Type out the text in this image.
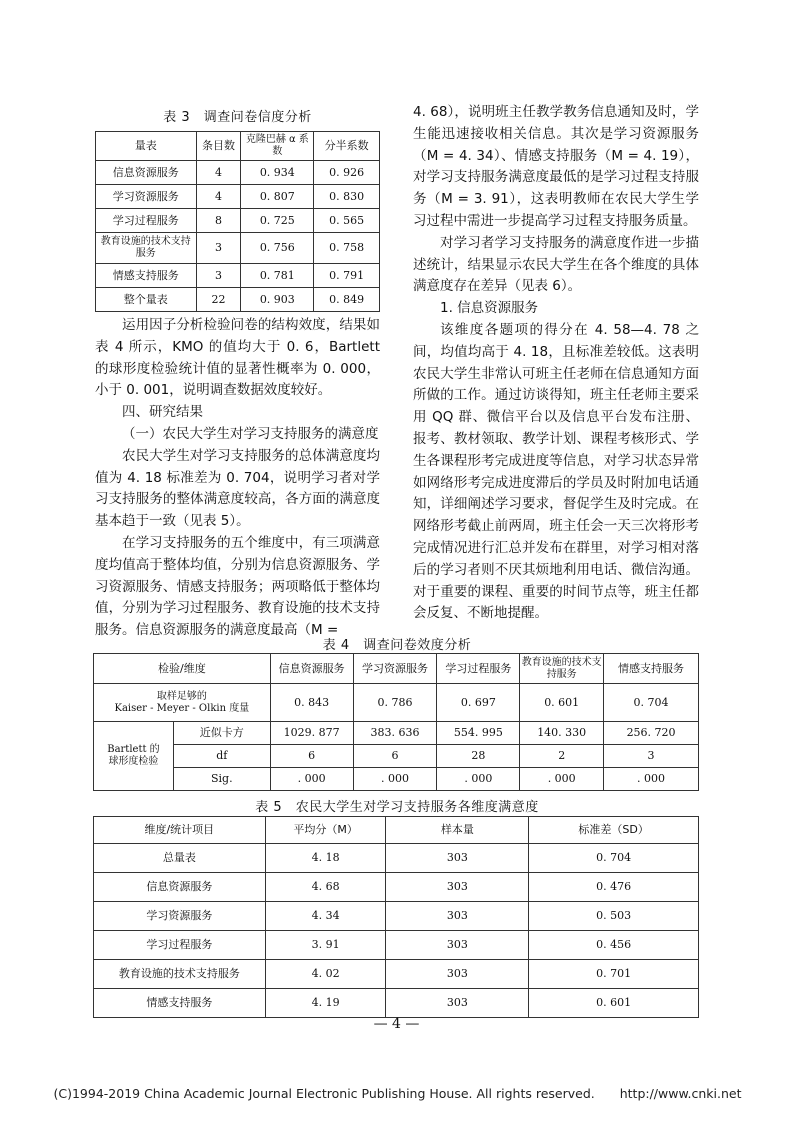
表 3　调查问卷信度分析
量表	条目数	克隆巴赫 α 系数	分半系数
信息资源服务	4	0. 934	0. 926
学习资源服务	4	0. 807	0. 830
学习过程服务	8	0. 725	0. 565
教育设施的技术支持服务	3	0. 756	0. 758
情感支持服务	3	0. 781	0. 791
整个量表	22	0. 903	0. 849

运用因子分析检验问卷的结构效度，结果如表 4 所示，KMO 的值均大于 0. 6，Bartlett 的球形度检验统计值的显著性概率为 0. 000，小于 0. 001，说明调查数据效度较好。

四、研究结果

（一）农民大学生对学习支持服务的满意度

农民大学生对学习支持服务的总体满意度均值为 4. 18 标准差为 0. 704，说明学习者对学习支持服务的整体满意度较高，各方面的满意度基本趋于一致（见表 5）。

在学习支持服务的五个维度中，有三项满意度均值高于整体均值，分别为信息资源服务、学习资源服务、情感支持服务；两项略低于整体均值，分别为学习过程服务、教育设施的技术支持服务。信息资源服务的满意度最高（M =

4. 68），说明班主任教学教务信息通知及时，学生能迅速接收相关信息。其次是学习资源服务（M = 4. 34）、情感支持服务（M = 4. 19），对学习支持服务满意度最低的是学习过程支持服务（M = 3. 91），这表明教师在农民大学生学习过程中需进一步提高学习过程支持服务质量。

对学习者学习支持服务的满意度作进一步描述统计，结果显示农民大学生在各个维度的具体满意度存在差异（见表 6）。

1. 信息资源服务

该维度各题项的得分在 4. 58—4. 78 之间，均值均高于 4. 18，且标准差较低。这表明农民大学生非常认可班主任老师在信息通知方面所做的工作。通过访谈得知，班主任老师主要采用 QQ 群、微信平台以及信息平台发布注册、报考、教材领取、教学计划、课程考核形式、学生各课程形考完成进度等信息，对学习状态异常如网络形考完成进度滞后的学员及时附加电话通知，详细阐述学习要求，督促学生及时完成。在网络形考截止前两周，班主任会一天三次将形考完成情况进行汇总并发布在群里，对学习相对落后的学习者则不厌其烦地利用电话、微信沟通。对于重要的课程、重要的时间节点等，班主任都会反复、不断地提醒。

表 4　调查问卷效度分析
检验/维度		信息资源服务	学习资源服务	学习过程服务	教育设施的技术支持服务	情感支持服务

取样足够的
Kaiser - Meyer - Olkin 度量		0. 843	0. 786	0. 697	0. 601	0. 704

Bartlett 的
球形度检验	近似卡方	1029. 877	383. 636	554. 995	140. 330	256. 720
	df	6	6	28	2	3
	Sig.	. 000	. 000	. 000	. 000	. 000
表 5　农民大学生对学习支持服务各维度满意度
维度/统计项目	平均分（M）	样本量	标准差（SD）
总量表	4. 18	303	0. 704
信息资源服务	4. 68	303	0. 476
学习资源服务	4. 34	303	0. 503
学习过程服务	3. 91	303	0. 456
教育设施的技术支持服务	4. 02	303	0. 701
情感支持服务	4. 19	303	0. 601
— 4 —
(C)1994-2019 China Academic Journal Electronic Publishing House. All rights reserved.　　http://www.cnki.net
